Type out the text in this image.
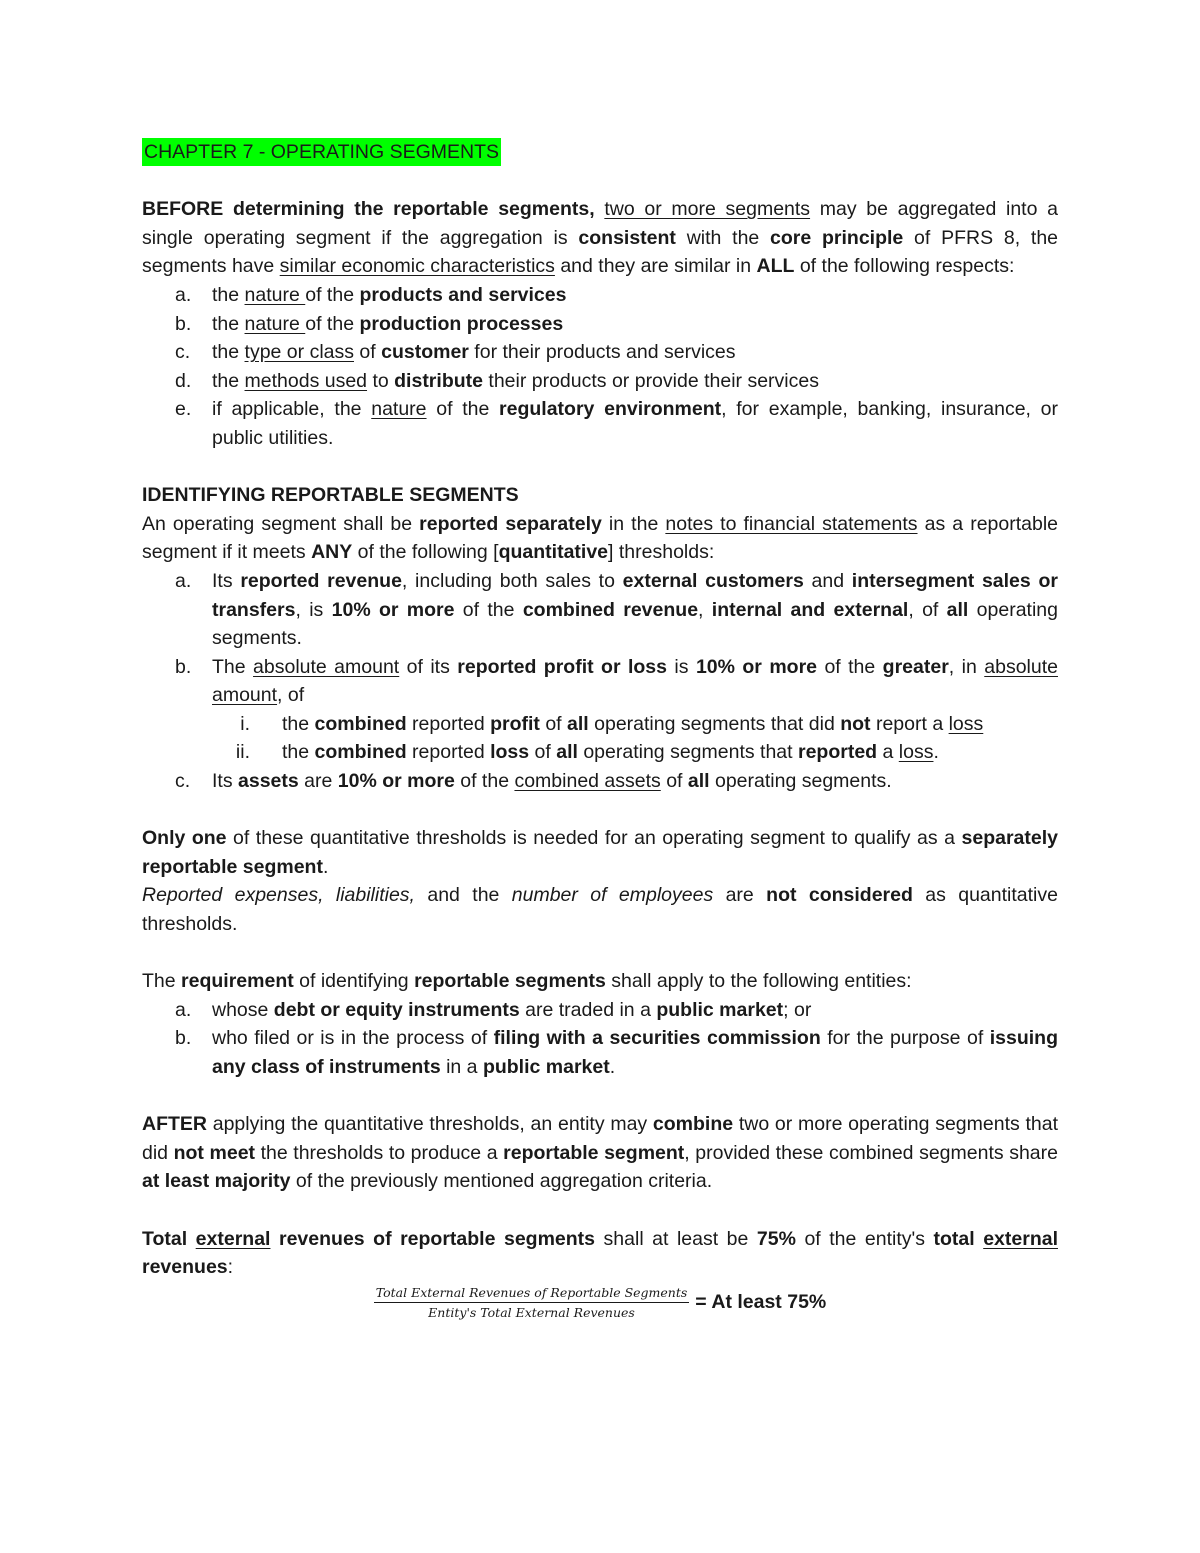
CHAPTER 7 - OPERATING SEGMENTS

BEFORE determining the reportable segments, two or more segments may be aggregated into a single operating segment if the aggregation is consistent with the core principle of PFRS 8, the segments have similar economic characteristics and they are similar in ALL of the following respects:

a. the nature of the products and services
b. the nature of the production processes
c. the type or class of customer for their products and services
d. the methods used to distribute their products or provide their services
e. if applicable, the nature of the regulatory environment, for example, banking, insurance, or public utilities.

IDENTIFYING REPORTABLE SEGMENTS

An operating segment shall be reported separately in the notes to financial statements as a reportable segment if it meets ANY of the following [quantitative] thresholds:

a. Its reported revenue, including both sales to external customers and intersegment sales or transfers, is 10% or more of the combined revenue, internal and external, of all operating segments.
b. The absolute amount of its reported profit or loss is 10% or more of the greater, in absolute amount, of
i. the combined reported profit of all operating segments that did not report a loss
ii. the combined reported loss of all operating segments that reported a loss.
c. Its assets are 10% or more of the combined assets of all operating segments.

Only one of these quantitative thresholds is needed for an operating segment to qualify as a separately reportable segment.

Reported expenses, liabilities, and the number of employees are not considered as quantitative thresholds.

The requirement of identifying reportable segments shall apply to the following entities:

a. whose debt or equity instruments are traded in a public market; or
b. who filed or is in the process of filing with a securities commission for the purpose of issuing any class of instruments in a public market.

AFTER applying the quantitative thresholds, an entity may combine two or more operating segments that did not meet the thresholds to produce a reportable segment, provided these combined segments share at least majority of the previously mentioned aggregation criteria.

Total external revenues of reportable segments shall at least be 75% of the entity's total external revenues:

$\frac{\text{Total External Revenues of Reportable Segments}}{\text{Entity's Total External Revenues}} = At$ least 75%
